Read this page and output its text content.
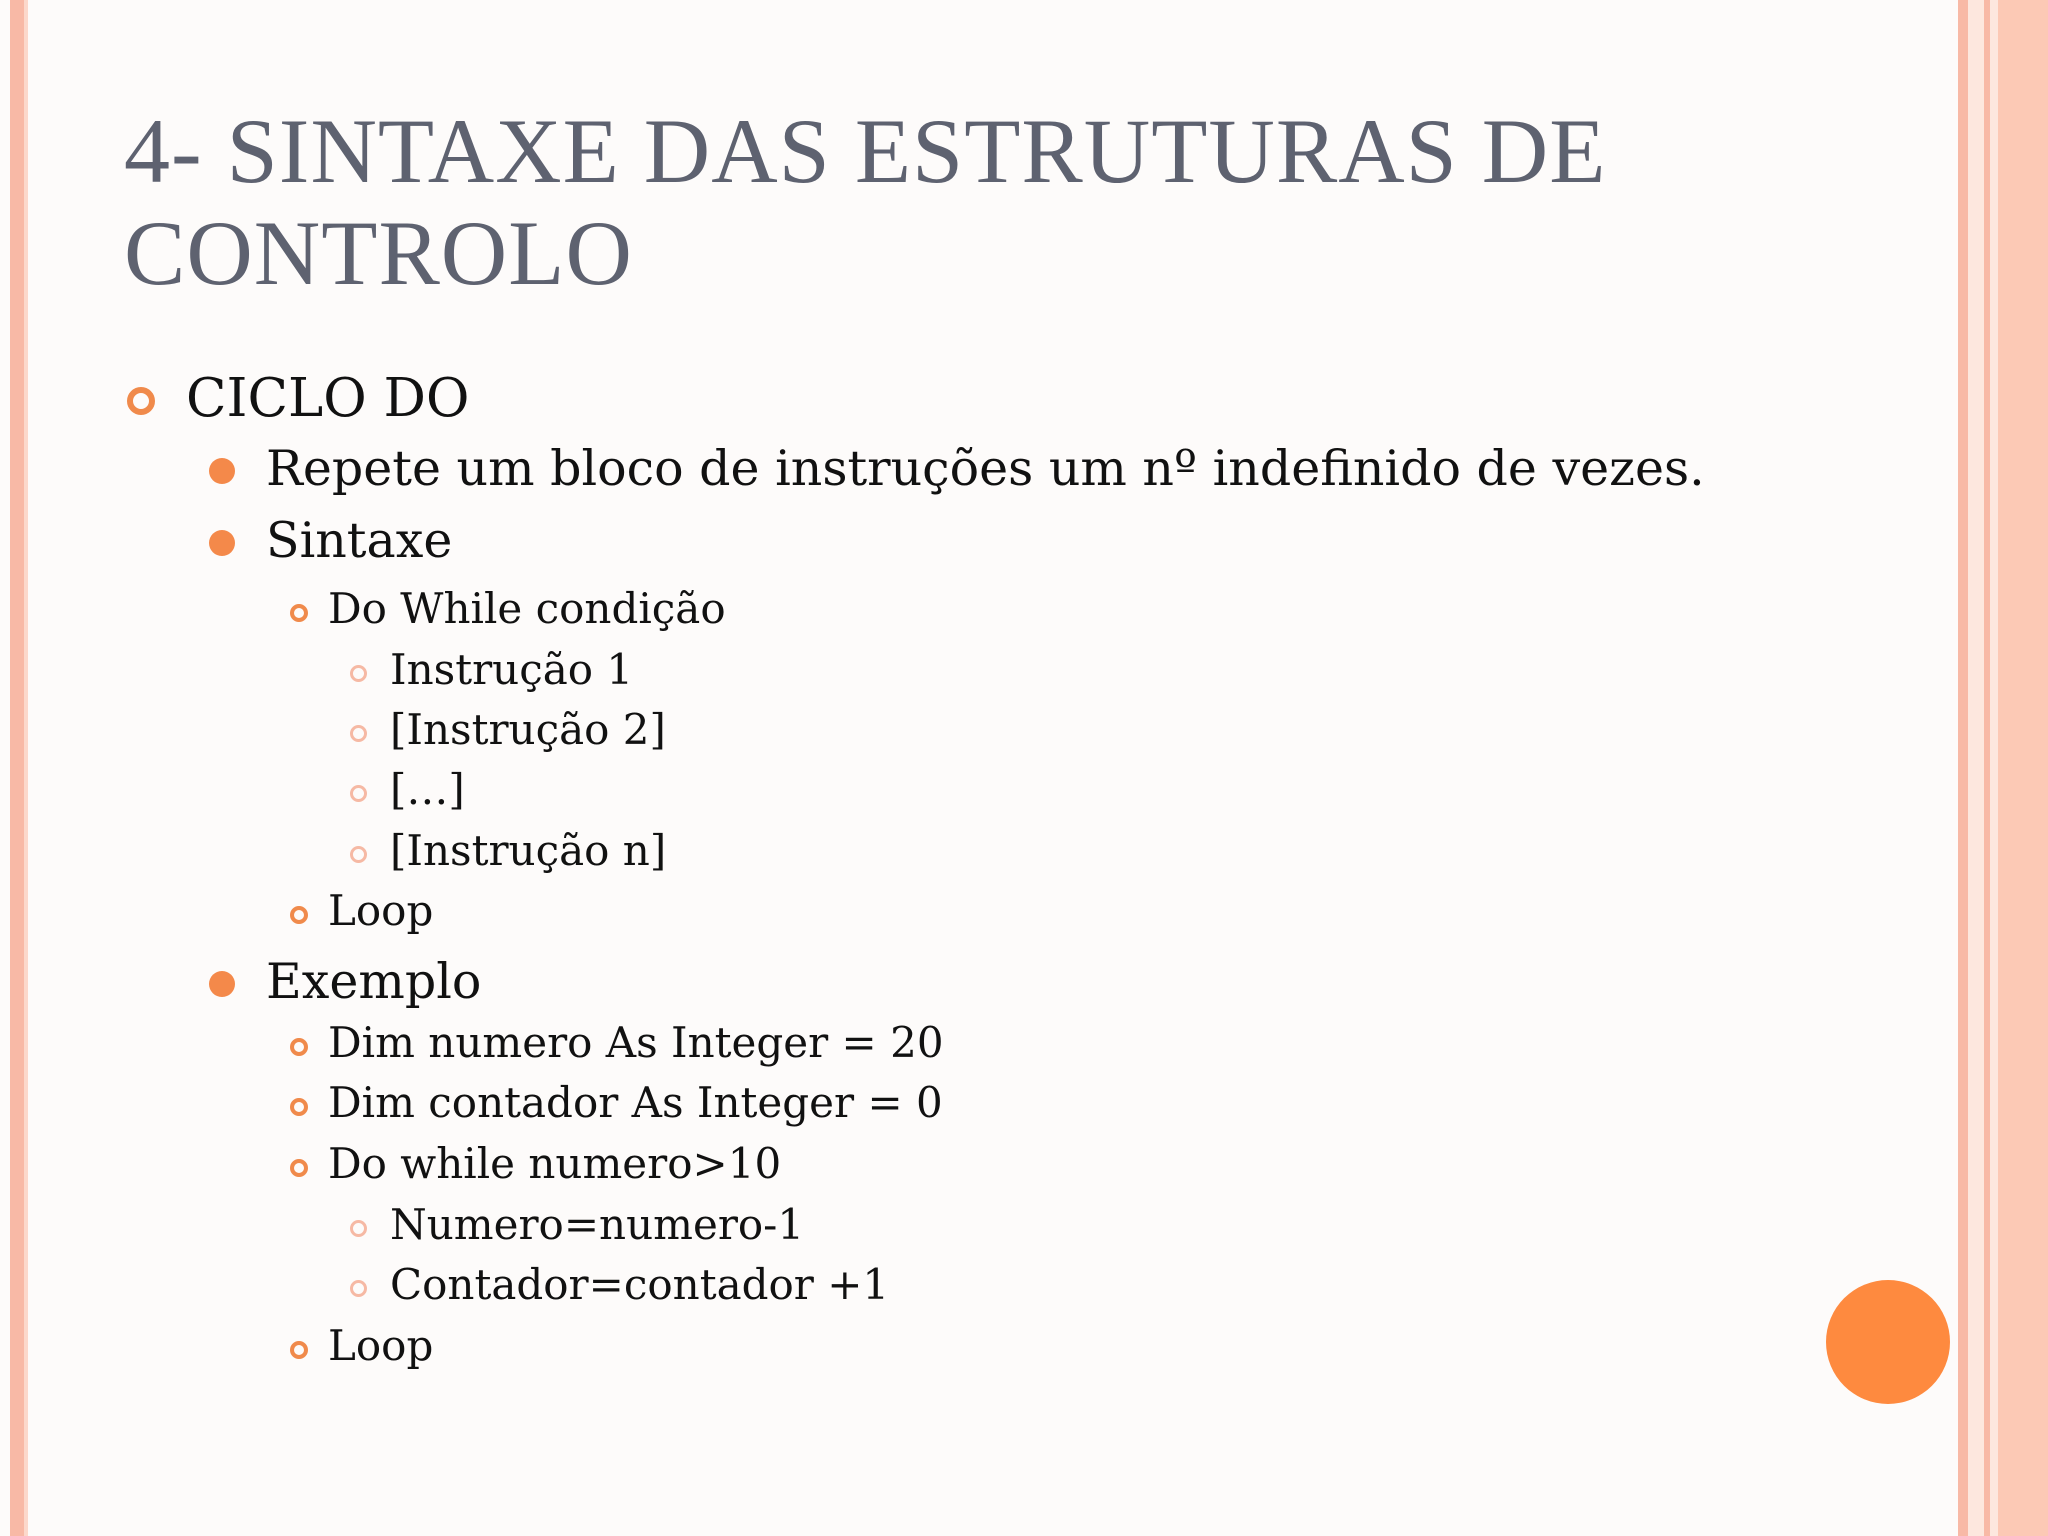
4- SINTAXE DAS ESTRUTURAS DE CONTROLO
CICLO DO
Repete um bloco de instruções um nº indefinido de vezes.
Sintaxe
Do While condição
Instrução 1
[Instrução 2]
[…]
[Instrução n]
Loop
Exemplo
Dim numero As Integer = 20
Dim contador As Integer = 0
Do while numero>10
Numero=numero-1
Contador=contador +1
Loop
